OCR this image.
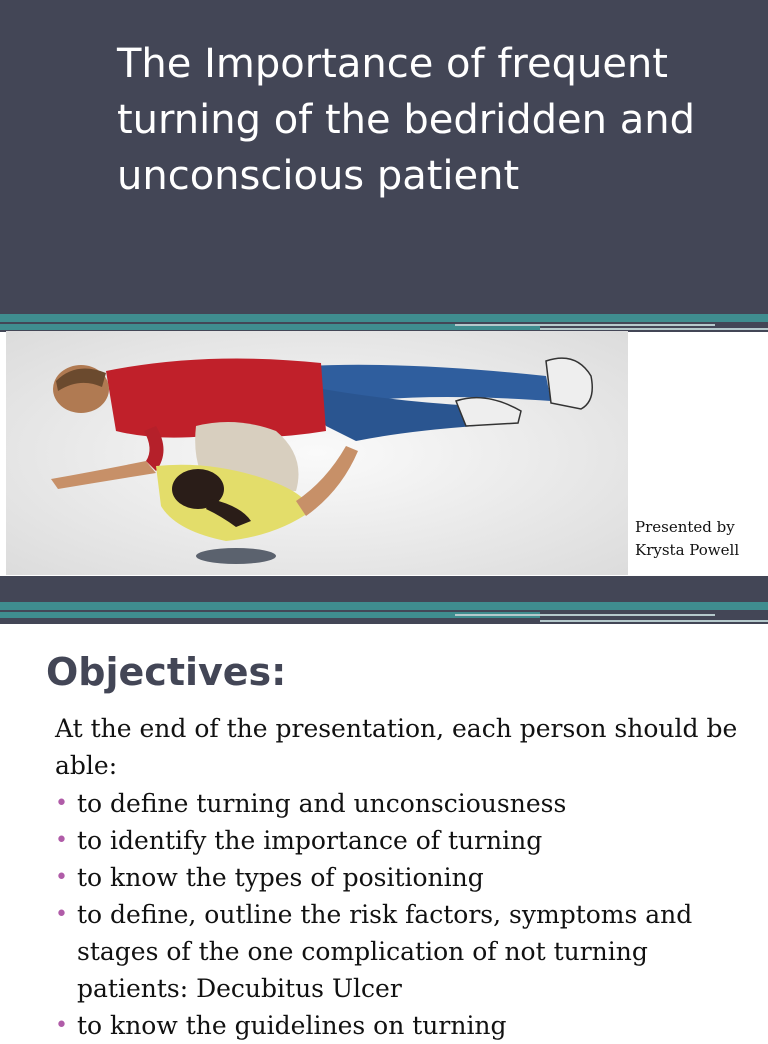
The Importance of frequent turning of the bedridden and unconscious patient
Presented by
Krysta Powell
Objectives:

At the end of the presentation, each person should be able:

• to define turning and unconsciousness
• to identify the importance of turning
• to know the types of positioning
• to define, outline the risk factors, symptoms and stages of the one complication of not turning patients: Decubitus Ulcer
• to know the guidelines on turning
